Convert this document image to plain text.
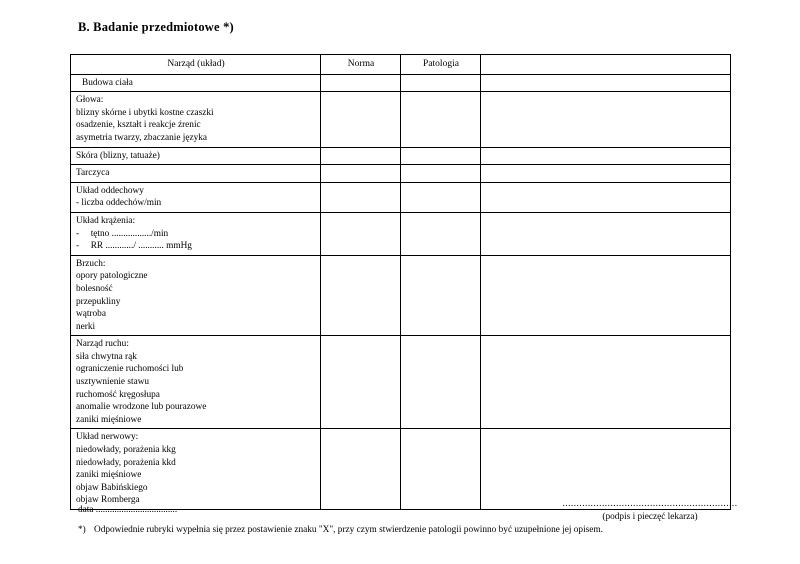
B. Badanie przedmiotowe *)
Narząd (układ)	Norma	Patologia	

Budowa ciała			

Głowa:
blizny skórne i ubytki kostne czaszki
osadzenie, kształt i reakcje źrenic
asymetria twarzy, zbaczanie języka			

Skóra (blizny, tatuaże)			

Tarczyca			

Układ oddechowy
- liczba oddechów/min			

Układ krążenia:
-     tętno ................./min
-     RR ............/ ........... mmHg			

Brzuch:
opory patologiczne
bolesność
przepukliny
wątroba
nerki

Narząd ruchu:
siła chwytna rąk
ograniczenie ruchomości lub
usztywnienie stawu
ruchomość kręgosłupa
anomalie wrodzone lub pourazowe
zaniki mięśniowe

Układ nerwowy:
niedowłady, porażenia kkg
niedowłady, porażenia kkd
zaniki mięśniowe
objaw Babińskiego
objaw Romberga

data ...................................
..............................................................
(podpis i pieczęć lekarza)
*) Odpowiednie rubryki wypełnia się przez postawienie znaku "X", przy czym stwierdzenie patologii powinno być uzupełnione jej opisem.
